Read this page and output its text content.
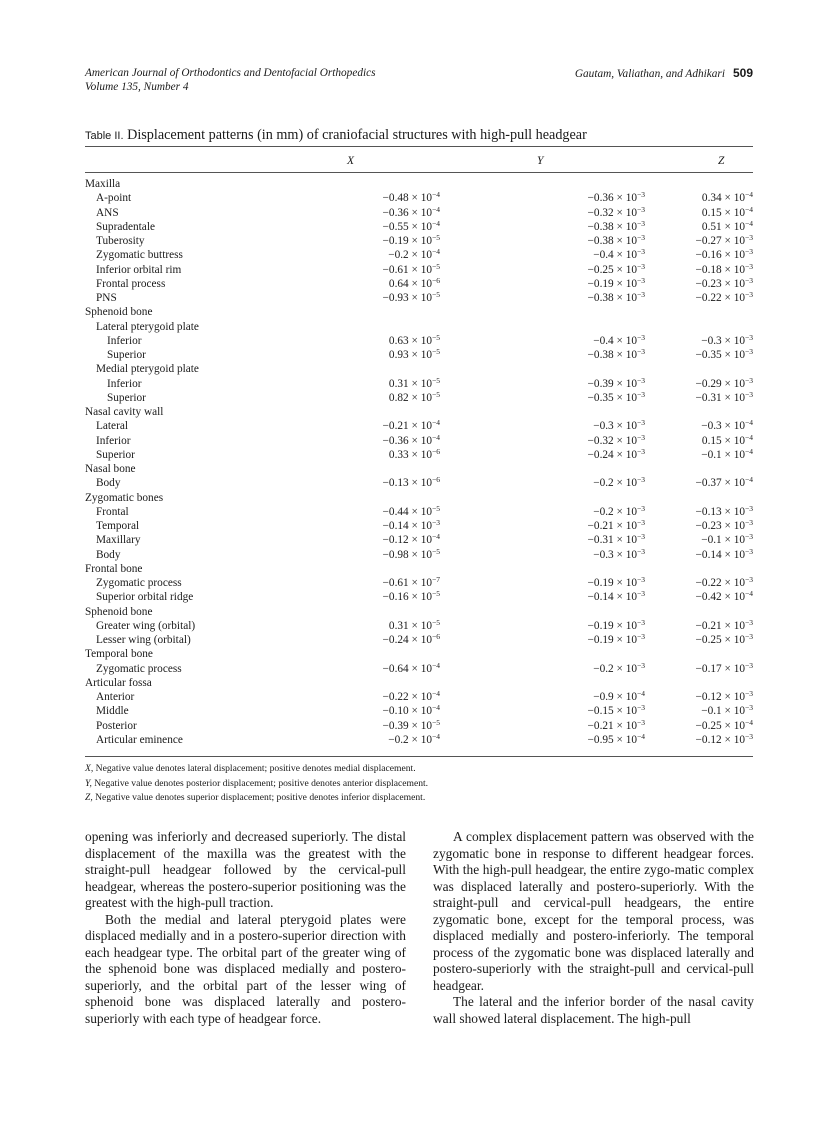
American Journal of Orthodontics and Dentofacial Orthopedics
Volume 135, Number 4
Gautam, Valiathan, and Adhikari 509
Table II. Displacement patterns (in mm) of craniofacial structures with high-pull headgear
X	Y	Z
Maxilla			
A-point	$-0.48 \times 10^{-4}$	$-0.36 \times 10^{-3}$	$0.34 \times 10^{-4}$
ANS	$-0.36 \times 10^{-4}$	$-0.32 \times 10^{-3}$	$0.15 \times 10^{-4}$
Supradentale	$-0.55 \times 10^{-4}$	$-0.38 \times 10^{-3}$	$0.51 \times 10^{-4}$
Tuberosity	$-0.19 \times 10^{-5}$	$-0.38 \times 10^{-3}$	$-0.27 \times 10^{-3}$
Zygomatic buttress	$-0.2 \times 10^{-4}$	$-0.4 \times 10^{-3}$	$-0.16 \times 10^{-3}$
Inferior orbital rim	$-0.61 \times 10^{-5}$	$-0.25 \times 10^{-3}$	$-0.18 \times 10^{-3}$
Frontal process	$0.64 \times 10^{-6}$	$-0.19 \times 10^{-3}$	$-0.23 \times 10^{-3}$
PNS	$-0.93 \times 10^{-5}$	$-0.38 \times 10^{-3}$	$-0.22 \times 10^{-3}$
Sphenoid bone			
Lateral pterygoid plate			
Inferior	$0.63 \times 10^{-5}$	$-0.4 \times 10^{-3}$	$-0.3 \times 10^{-3}$
Superior	$0.93 \times 10^{-5}$	$-0.38 \times 10^{-3}$	$-0.35 \times 10^{-3}$
Medial pterygoid plate			
Inferior	$0.31 \times 10^{-5}$	$-0.39 \times 10^{-3}$	$-0.29 \times 10^{-3}$
Superior	$0.82 \times 10^{-5}$	$-0.35 \times 10^{-3}$	$-0.31 \times 10^{-3}$
Nasal cavity wall			
Lateral	$-0.21 \times 10^{-4}$	$-0.3 \times 10^{-3}$	$-0.3 \times 10^{-4}$
Inferior	$-0.36 \times 10^{-4}$	$-0.32 \times 10^{-3}$	$0.15 \times 10^{-4}$
Superior	$0.33 \times 10^{-6}$	$-0.24 \times 10^{-3}$	$-0.1 \times 10^{-4}$
Nasal bone			
Body	$-0.13 \times 10^{-6}$	$-0.2 \times 10^{-3}$	$-0.37 \times 10^{-4}$
Zygomatic bones			
Frontal	$-0.44 \times 10^{-5}$	$-0.2 \times 10^{-3}$	$-0.13 \times 10^{-3}$
Temporal	$-0.14 \times 10^{-3}$	$-0.21 \times 10^{-3}$	$-0.23 \times 10^{-3}$
Maxillary	$-0.12 \times 10^{-4}$	$-0.31 \times 10^{-3}$	$-0.1 \times 10^{-3}$
Body	$-0.98 \times 10^{-5}$	$-0.3 \times 10^{-3}$	$-0.14 \times 10^{-3}$
Frontal bone			
Zygomatic process	$-0.61 \times 10^{-7}$	$-0.19 \times 10^{-3}$	$-0.22 \times 10^{-3}$
Superior orbital ridge	$-0.16 \times 10^{-5}$	$-0.14 \times 10^{-3}$	$-0.42 \times 10^{-4}$
Sphenoid bone			
Greater wing (orbital)	$0.31 \times 10^{-5}$	$-0.19 \times 10^{-3}$	$-0.21 \times 10^{-3}$
Lesser wing (orbital)	$-0.24 \times 10^{-6}$	$-0.19 \times 10^{-3}$	$-0.25 \times 10^{-3}$
Temporal bone			
Zygomatic process	$-0.64 \times 10^{-4}$	$-0.2 \times 10^{-3}$	$-0.17 \times 10^{-3}$
Articular fossa			
Anterior	$-0.22 \times 10^{-4}$	$-0.9 \times 10^{-4}$	$-0.12 \times 10^{-3}$
Middle	$-0.10 \times 10^{-4}$	$-0.15 \times 10^{-3}$	$-0.1 \times 10^{-3}$
Posterior	$-0.39 \times 10^{-5}$	$-0.21 \times 10^{-3}$	$-0.25 \times 10^{-4}$
Articular eminence	$-0.2 \times 10^{-4}$	$-0.95 \times 10^{-4}$	$-0.12 \times 10^{-3}$
X, Negative value denotes lateral displacement; positive denotes medial displacement.
Y, Negative value denotes posterior displacement; positive denotes anterior displacement.
Z, Negative value denotes superior displacement; positive denotes inferior displacement.

opening was inferiorly and decreased superiorly. The distal displacement of the maxilla was the greatest with the straight-pull headgear followed by the cervical-pull headgear, whereas the postero-superior positioning was the greatest with the high-pull traction.

Both the medial and lateral pterygoid plates were displaced medially and in a postero-superior direction with each headgear type. The orbital part of the greater wing of the sphenoid bone was displaced medially and postero-superiorly, and the orbital part of the lesser wing of sphenoid bone was displaced laterally and postero-superiorly with each type of headgear force.

A complex displacement pattern was observed with the zygomatic bone in response to different headgear forces. With the high-pull headgear, the entire zygo-matic complex was displaced laterally and postero-superiorly. With the straight-pull and cervical-pull headgears, the entire zygomatic bone, except for the temporal process, was displaced medially and postero-inferiorly. The temporal process of the zygomatic bone was displaced laterally and postero-superiorly with the straight-pull and cervical-pull headgear.

The lateral and the inferior border of the nasal cavity wall showed lateral displacement. The high-pull
